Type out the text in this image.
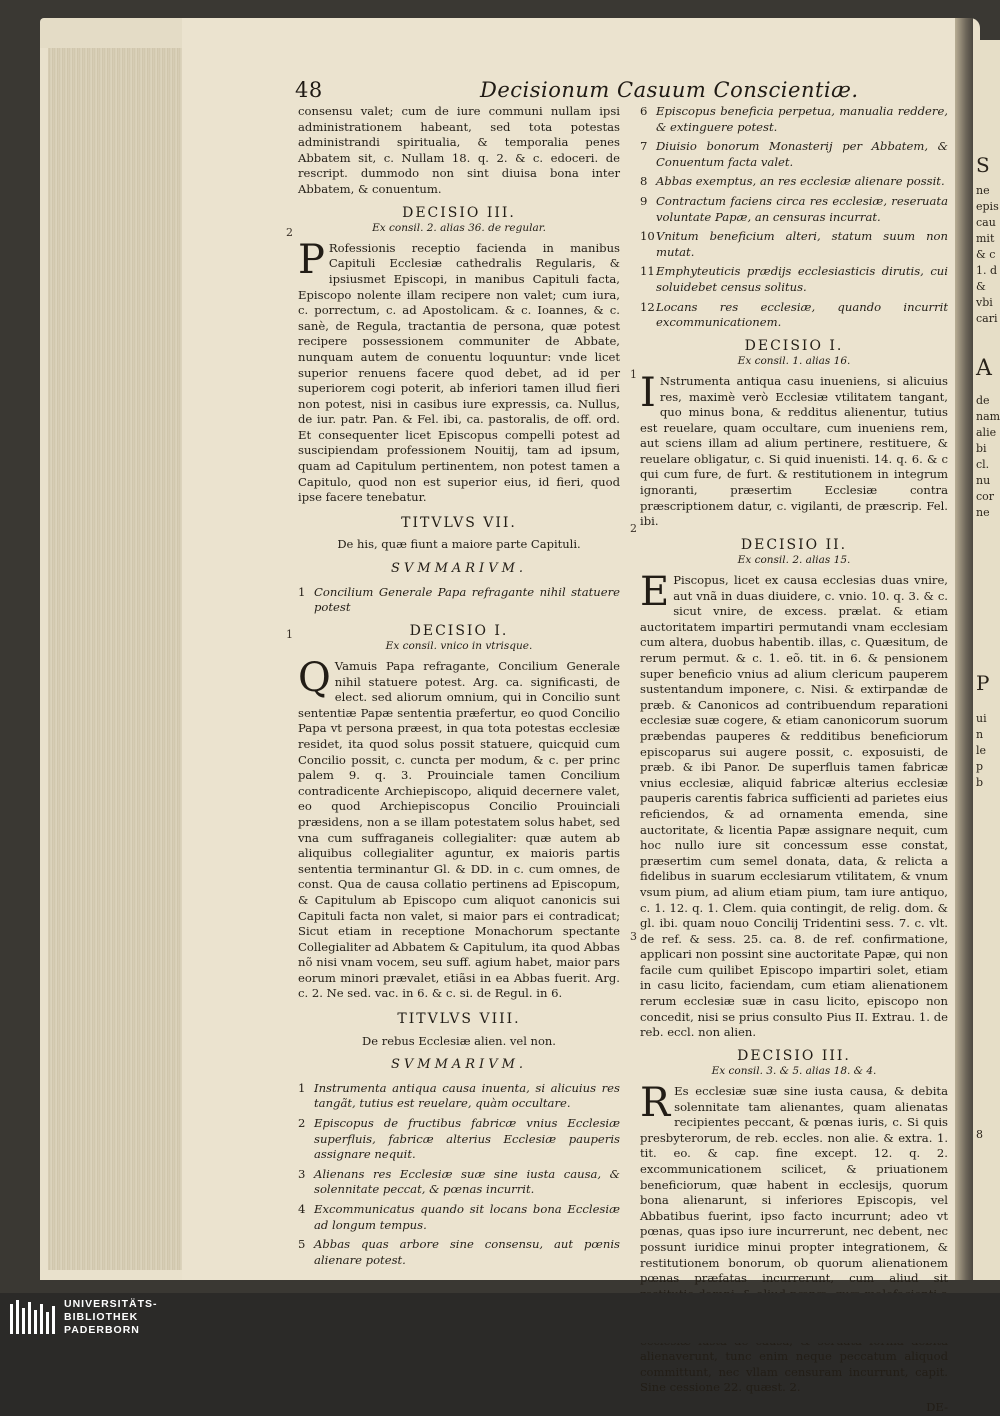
48	Decisionum Casuum Conscientiæ.

consensu valet; cum de iure communi nullam ipsi administrationem habeant, sed tota potestas administrandi spiritualia, & temporalia penes Abbatem sit, c. Nullam 18. q. 2. & c. edoceri. de rescript. dummodo non sint diuisa bona inter Abbatem, & conuentum.

DECISIO III.
Ex consil. 2. alias 36. de regular.

P Rofessionis receptio facienda in manibus Capituli Ecclesiæ cathedralis Regularis, & ipsiusmet Episcopi, in manibus Capituli facta, Episcopo nolente illam recipere non valet; cum iura, c. porrectum, c. ad Apostolicam. & c. Ioannes, & c. sanè, de Regula, tractantia de persona, quæ potest recipere possessionem communiter de Abbate, nunquam autem de conuentu loquuntur: vnde licet superior renuens facere quod debet, ad id per superiorem cogi poterit, ab inferiori tamen illud fieri non potest, nisi in casibus iure expressis, ca. Nullus, de iur. patr. Pan. & Fel. ibi, ca. pastoralis, de off. ord. Et consequenter licet Episcopus compelli potest ad suscipiendam professionem Nouitij, tam ad ipsum, quam ad Capitulum pertinentem, non potest tamen a Capitulo, quod non est superior eius, id fieri, quod ipse facere tenebatur.

TITVLVS VII.
De his, quæ fiunt a maiore parte Capituli.
SVMMARIVM.
1 Concilium Generale Papa refragante nihil statuere potest
DECISIO I.
Ex consil. vnico in vtrisque.

Q Vamuis Papa refragante, Concilium Generale nihil statuere potest. Arg. ca. significasti, de elect. sed aliorum omnium, qui in Concilio sunt sententiæ Papæ sententia præfertur, eo quod Concilio Papa vt persona præest, in qua tota potestas ecclesiæ residet, ita quod solus possit statuere, quicquid cum Concilio possit, c. cuncta per modum, & c. per princ palem 9. q. 3. Prouinciale tamen Concilium contradicente Archiepiscopo, aliquid decernere valet, eo quod Archiepiscopus Concilio Prouinciali præsidens, non a se illam potestatem solus habet, sed vna cum suffraganeis collegialiter: quæ autem ab aliquibus collegialiter aguntur, ex maioris partis sententia terminantur Gl. & DD. in c. cum omnes, de const. Qua de causa collatio pertinens ad Episcopum, & Capitulum ab Episcopo cum aliquot canonicis sui Capituli facta non valet, si maior pars ei contradicat; Sicut etiam in receptione Monachorum spectante Collegialiter ad Abbatem & Capitulum, ita quod Abbas nõ nisi vnam vocem, seu suff. agium habet, maior pars eorum minori prævalet, etiãsi in ea Abbas fuerit. Arg. c. 2. Ne sed. vac. in 6. & c. si. de Regul. in 6.

TITVLVS VIII.
De rebus Ecclesiæ alien. vel non.
SVMMARIVM.
1 Instrumenta antiqua causa inuenta, si alicuius res tangãt, tutius est reuelare, quàm occultare.
2 Episcopus de fructibus fabricæ vnius Ecclesiæ superfluis, fabricæ alterius Ecclesiæ pauperis assignare nequit.
3 Alienans res Ecclesiæ suæ sine iusta causa, & solennitate peccat, & pœnas incurrit.
4 Excommunicatus quando sit locans bona Ecclesiæ ad longum tempus.
5 Abbas quas arbore sine consensu, aut pœnis alienare potest.
2
1
6 Episcopus beneficia perpetua, manualia reddere, & extinguere potest.
7 Diuisio bonorum Monasterij per Abbatem, & Conuentum facta valet.
8 Abbas exemptus, an res ecclesiæ alienare possit.
9 Contractum faciens circa res ecclesiæ, reseruata voluntate Papæ, an censuras incurrat.
10 Vnitum beneficium alteri, statum suum non mutat.
11 Emphyteuticis prædijs ecclesiasticis dirutis, cui soluidebet census solitus.
12 Locans res ecclesiæ, quando incurrit excommunicationem.
DECISIO I.
Ex consil. 1. alias 16.

I Nstrumenta antiqua casu inueniens, si alicuius res, maximè verò Ecclesiæ vtilitatem tangant, quo minus bona, & redditus alienentur, tutius est reuelare, quam occultare, cum inueniens rem, aut sciens illam ad alium pertinere, restituere, & reuelare obligatur, c. Si quid inuenisti. 14. q. 6. & c qui cum fure, de furt. & restitutionem in integrum ignoranti, præsertim Ecclesiæ contra præscriptionem datur, c. vigilanti, de præscrip. Fel. ibi.

DECISIO II.
Ex consil. 2. alias 15.

E Piscopus, licet ex causa ecclesias duas vnire, aut vnã in duas diuidere, c. vnio. 10. q. 3. & c. sicut vnire, de excess. prælat. & etiam auctoritatem impartiri permutandi vnam ecclesiam cum altera, duobus habentib. illas, c. Quæsitum, de rerum permut. & c. 1. eõ. tit. in 6. & pensionem super beneficio vnius ad alium clericum pauperem sustentandum imponere, c. Nisi. & extirpandæ de præb. & Canonicos ad contribuendum reparationi ecclesiæ suæ cogere, & etiam canonicorum suorum præbendas pauperes & redditibus beneficiorum episcoparus sui augere possit, c. exposuisti, de præb. & ibi Panor. De superfluis tamen fabricæ vnius ecclesiæ, aliquid fabricæ alterius ecclesiæ pauperis carentis fabrica sufficienti ad parietes eius reficiendos, & ad ornamenta emenda, sine auctoritate, & licentia Papæ assignare nequit, cum hoc nullo iure sit concessum esse constat, præsertim cum semel donata, data, & relicta a fidelibus in suarum ecclesiarum vtilitatem, & vnum vsum pium, ad alium etiam pium, tam iure antiquo, c. 1. 12. q. 1. Clem. quia contingit, de relig. dom. & gl. ibi. quam nouo Concilij Tridentini sess. 7. c. vlt. de ref. & sess. 25. ca. 8. de ref. confirmatione, applicari non possint sine auctoritate Papæ, qui non facile cum quilibet Episcopo impartiri solet, etiam in casu licito, faciendam, cum etiam alienationem rerum ecclesiæ suæ in casu licito, episcopo non concedit, nisi se prius consulto Pius II. Extrau. 1. de reb. eccl. non alien.

DECISIO III.
Ex consil. 3. & 5. alias 18. & 4.

R Es ecclesiæ suæ sine iusta causa, & debita solennitate tam alienantes, quam alienatas recipientes peccant, & pœnas iuris, c. Si quis presbyterorum, de reb. eccles. non alie. & extra. 1. tit. eo. & cap. fine except. 12. q. 2. excommunicationem scilicet, & priuationem beneficiorum, quæ habent in ecclesijs, quorum bona alienarunt, si inferiores Episcopis, vel Abbatibus fuerint, ipso facto incurrunt; adeo vt pœnas, quas ipso iure incurrerunt, nec debent, nec possunt iuridice minui propter integrationem, & restitutionem bonorum, ob quorum alienationem pœnas præfatas incurrerunt, cum aliud sit alienaverunt, tunc enim neque peccatum aliquod committunt, nec vllam censuram incurrunt, capit. Sine cessione 22. quæst. 2.

DE-
1
2
3
S
ne
epis
cau
mit
& c
1. d
&
vbi
cari
A
de
nam
alie
bi
cl.
nu
cor
ne
Ρ
ui
n
le
p
b
8
UNIVERSITÄTS-
BIBLIOTHEK
PADERBORN
